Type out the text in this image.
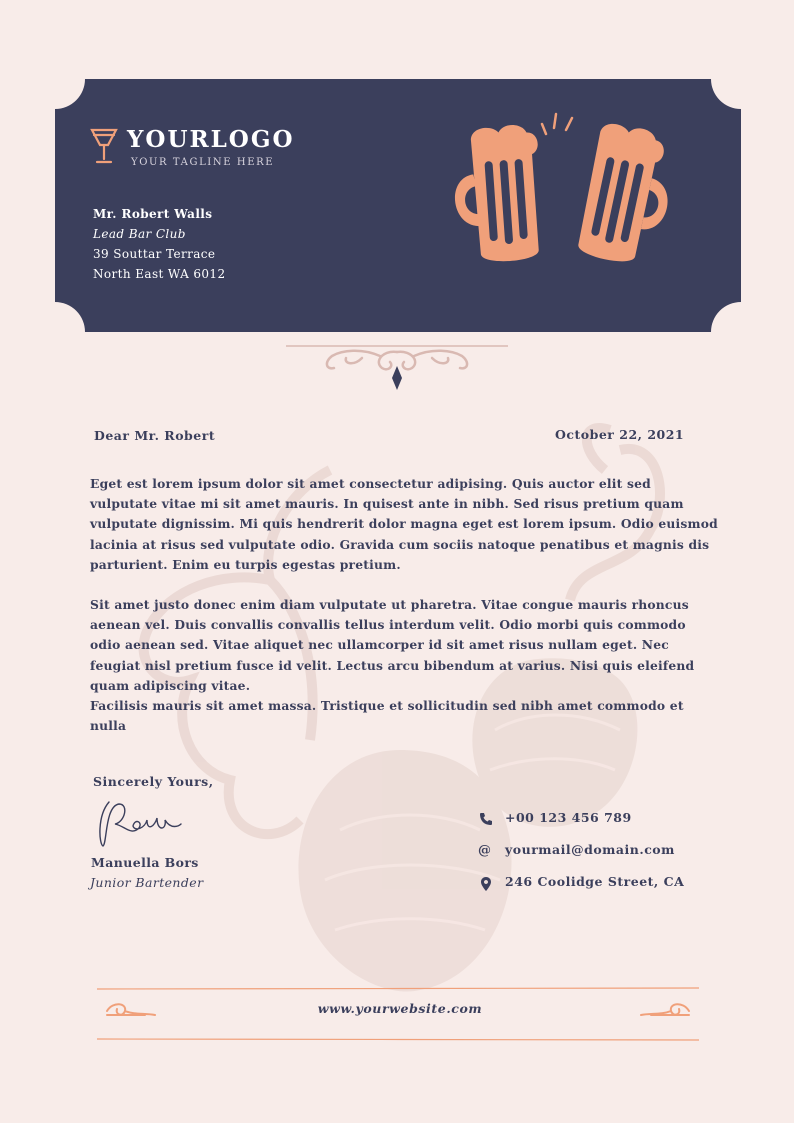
YOURLOGO
YOUR TAGLINE HERE
Mr. Robert Walls
Lead Bar Club
39 Souttar Terrace
North East WA 6012
Dear Mr. Robert	October 22, 2021
Eget est lorem ipsum dolor sit amet consectetur adipising. Quis auctor elit sed vulputate vitae mi sit amet mauris. In quisest ante in nibh. Sed risus pretium quam vulputate dignissim. Mi quis hendrerit dolor magna eget est lorem ipsum. Odio euismod lacinia at risus sed vulputate odio. Gravida cum sociis natoque penatibus et magnis dis parturient. Enim eu turpis egestas pretium.
Sit amet justo donec enim diam vulputate ut pharetra. Vitae congue mauris rhoncus aenean vel. Duis convallis convallis tellus interdum velit. Odio morbi quis commodo odio aenean sed. Vitae aliquet nec ullamcorper id sit amet risus nullam eget. Nec feugiat nisl pretium fusce id velit. Lectus arcu bibendum at varius. Nisi quis eleifend quam adipiscing vitae.
Facilisis mauris sit amet massa. Tristique et sollicitudin sed nibh amet commodo et nulla
Sincerely Yours,
Manuella Bors
Junior Bartender
+00 123 456 789
@ yourmail@domain.com
246 Coolidge Street, CA
www.yourwebsite.com
